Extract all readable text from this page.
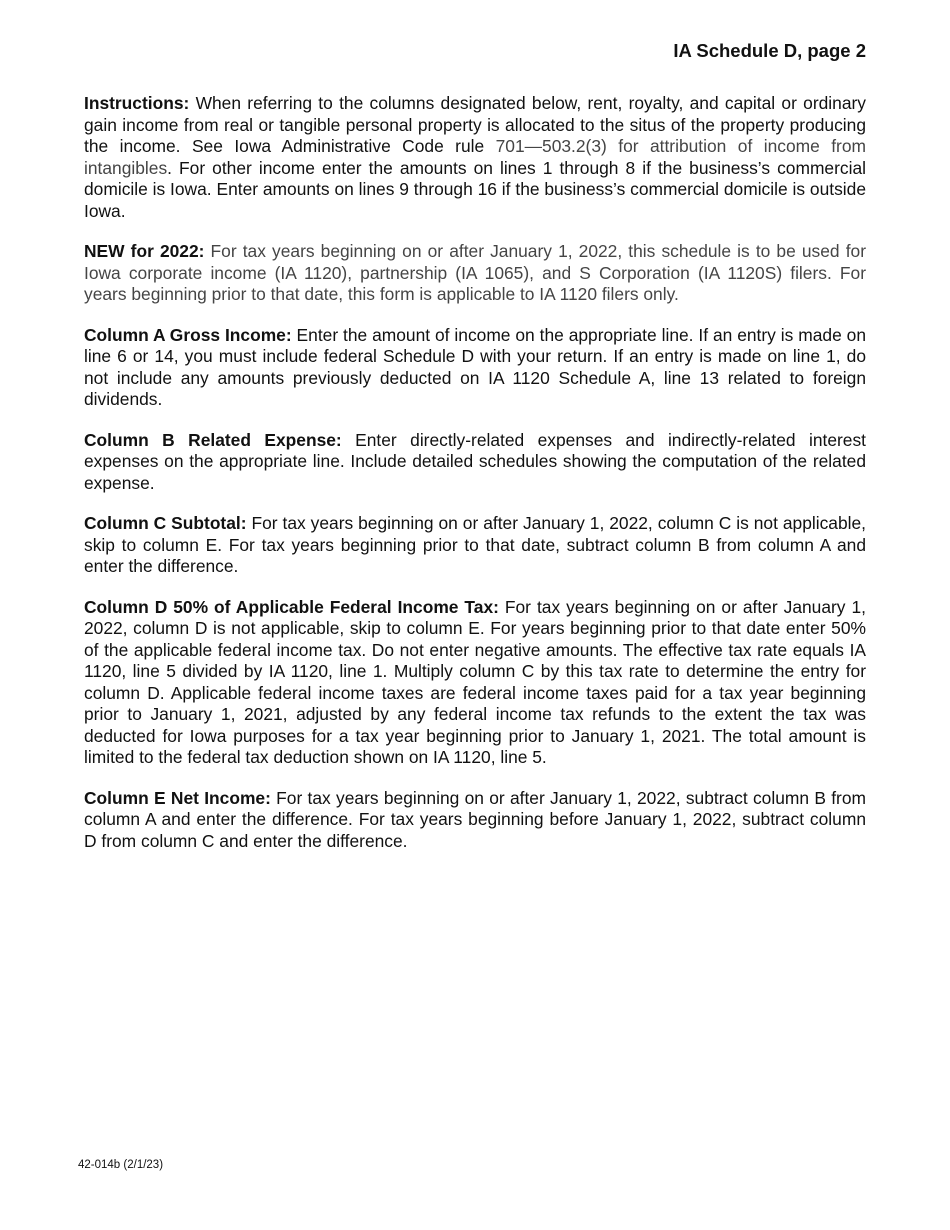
IA Schedule D, page 2

Instructions: When referring to the columns designated below, rent, royalty, and capital or ordinary gain income from real or tangible personal property is allocated to the situs of the property producing the income. See Iowa Administrative Code rule 701—503.2(3) for attribution of income from intangibles. For other income enter the amounts on lines 1 through 8 if the business’s commercial domicile is Iowa. Enter amounts on lines 9 through 16 if the business’s commercial domicile is outside Iowa.

NEW for 2022: For tax years beginning on or after January 1, 2022, this schedule is to be used for Iowa corporate income (IA 1120), partnership (IA 1065), and S Corporation (IA 1120S) filers. For years beginning prior to that date, this form is applicable to IA 1120 filers only.

Column A Gross Income: Enter the amount of income on the appropriate line. If an entry is made on line 6 or 14, you must include federal Schedule D with your return. If an entry is made on line 1, do not include any amounts previously deducted on IA 1120 Schedule A, line 13 related to foreign dividends.

Column B Related Expense: Enter directly-related expenses and indirectly-related interest expenses on the appropriate line. Include detailed schedules showing the computation of the related expense.

Column C Subtotal: For tax years beginning on or after January 1, 2022, column C is not applicable, skip to column E. For tax years beginning prior to that date, subtract column B from column A and enter the difference.

Column D 50% of Applicable Federal Income Tax: For tax years beginning on or after January 1, 2022, column D is not applicable, skip to column E. For years beginning prior to that date enter 50% of the applicable federal income tax. Do not enter negative amounts. The effective tax rate equals IA 1120, line 5 divided by IA 1120, line 1. Multiply column C by this tax rate to determine the entry for column D. Applicable federal income taxes are federal income taxes paid for a tax year beginning prior to January 1, 2021, adjusted by any federal income tax refunds to the extent the tax was deducted for Iowa purposes for a tax year beginning prior to January 1, 2021. The total amount is limited to the federal tax deduction shown on IA 1120, line 5.

Column E Net Income: For tax years beginning on or after January 1, 2022, subtract column B from column A and enter the difference. For tax years beginning before January 1, 2022, subtract column D from column C and enter the difference.

42-014b (2/1/23)
